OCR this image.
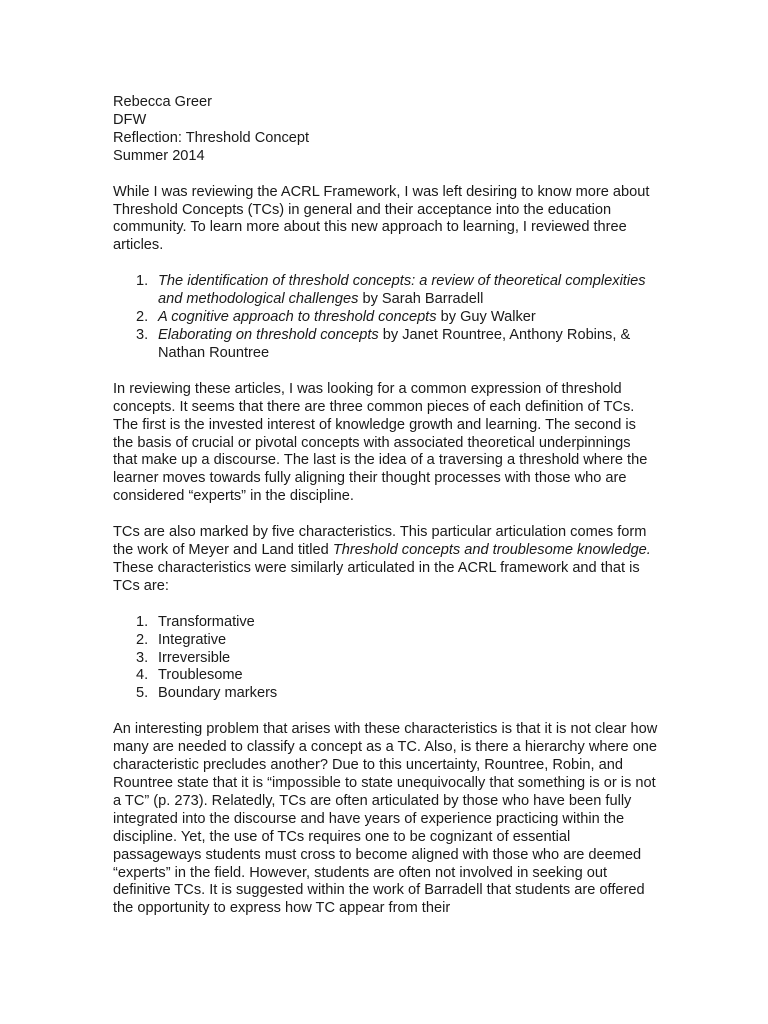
Rebecca Greer

DFW

Reflection: Threshold Concept

Summer 2014

While I was reviewing the ACRL Framework, I was left desiring to know more about Threshold Concepts (TCs) in general and their acceptance into the education community. To learn more about this new approach to learning, I reviewed three articles.

1. The identification of threshold concepts: a review of theoretical complexities and methodological challenges by Sarah Barradell
2. A cognitive approach to threshold concepts by Guy Walker
3. Elaborating on threshold concepts by Janet Rountree, Anthony Robins, & Nathan Rountree

In reviewing these articles, I was looking for a common expression of threshold concepts. It seems that there are three common pieces of each definition of TCs. The first is the invested interest of knowledge growth and learning. The second is the basis of crucial or pivotal concepts with associated theoretical underpinnings that make up a discourse. The last is the idea of a traversing a threshold where the learner moves towards fully aligning their thought processes with those who are considered “experts” in the discipline.

TCs are also marked by five characteristics. This particular articulation comes form the work of Meyer and Land titled Threshold concepts and troublesome knowledge. These characteristics were similarly articulated in the ACRL framework and that is TCs are:

1. Transformative
2. Integrative
3. Irreversible
4. Troublesome
5. Boundary markers

An interesting problem that arises with these characteristics is that it is not clear how many are needed to classify a concept as a TC. Also, is there a hierarchy where one characteristic precludes another? Due to this uncertainty, Rountree, Robin, and Rountree state that it is “impossible to state unequivocally that something is or is not a TC” (p. 273). Relatedly, TCs are often articulated by those who have been fully integrated into the discourse and have years of experience practicing within the discipline. Yet, the use of TCs requires one to be cognizant of essential passageways students must cross to become aligned with those who are deemed “experts” in the field. However, students are often not involved in seeking out definitive TCs. It is suggested within the work of Barradell that students are offered the opportunity to express how TC appear from their
